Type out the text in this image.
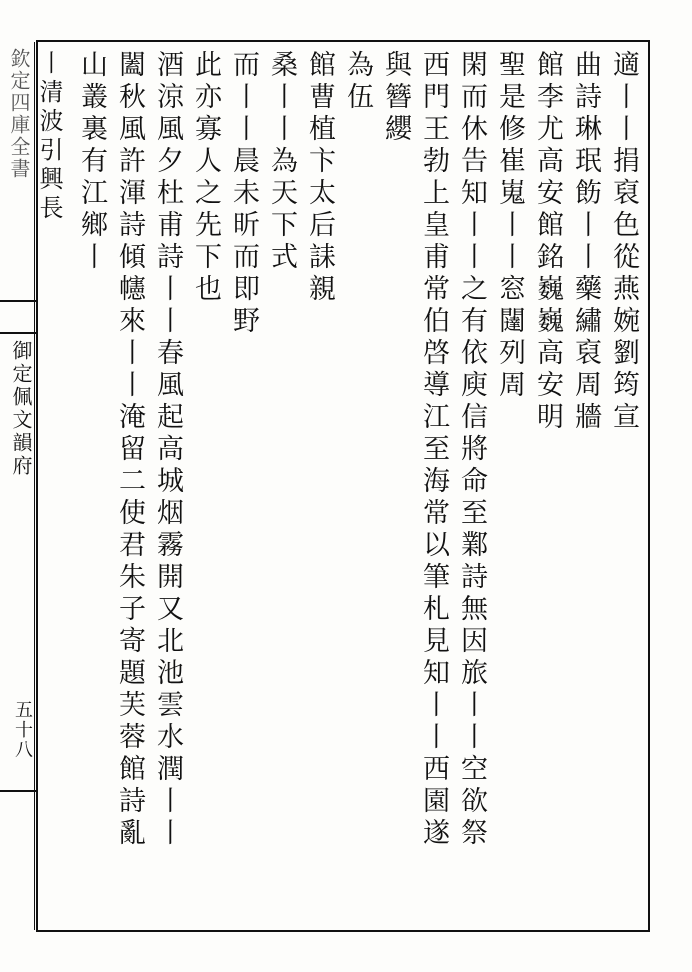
欽定四庫全書
御定佩文韻府
五十八
適丨丨捐裒色從燕婉劉筠宣
曲詩琳珉飭丨丨藥繡裒周牆
館李尤高安館銘巍巍高安明
聖是修崔嵬丨丨窓闥列周
閑而休告知丨丨之有依庾信將命至鄴詩無因旅丨丨空欲祭
西門王勃上皇甫常伯啓導江至海常以筆札見知丨丨西園遂
與簪纓
為伍
館曹植卞太后誄親
桑丨丨為天下式
而丨丨晨未昕而即野
此亦寡人之先下也
酒涼風夕杜甫詩丨丨春風起高城烟霧開又北池雲水潤丨丨
闔秋風許渾詩傾幰來丨丨淹留二使君朱子寄題芙蓉館詩亂
山叢裏有江鄉丨
丨清波引興長
